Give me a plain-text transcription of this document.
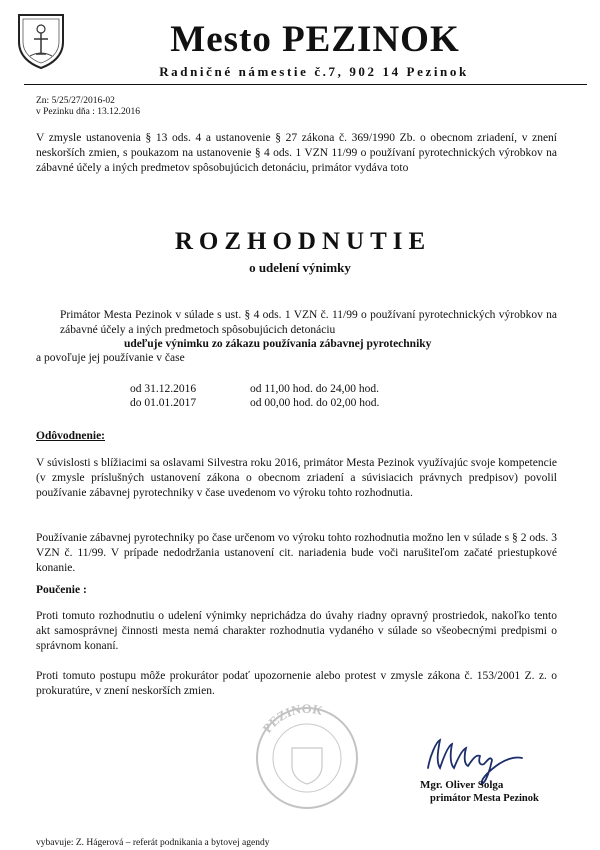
Mesto PEZINOK
Radničné námestie č.7, 902 14 Pezinok
Zn: 5/25/27/2016-02
v Pezinku dňa : 13.12.2016
V zmysle ustanovenia § 13 ods. 4 a ustanovenie § 27 zákona č. 369/1990 Zb. o obecnom zriadení, v znení neskorších zmien, s poukazom na ustanovenie § 4 ods. 1 VZN 11/99 o používaní pyrotechnických výrobkov na zábavné účely a iných predmetov spôsobujúcich detonáciu, primátor vydáva toto
ROZHODNUTIE
o udelení výnimky
Primátor Mesta Pezinok v súlade s ust. § 4 ods. 1 VZN č. 11/99 o používaní pyrotechnických výrobkov na zábavné účely a iných predmetoch spôsobujúcich detonáciu
udeľuje výnimku zo zákazu používania zábavnej pyrotechniky
a povoľuje jej používanie v čase
od 31.12.2016	od 11,00 hod. do 24,00 hod.
do 01.01.2017	od 00,00 hod. do 02,00 hod.
Odôvodnenie:
V súvislosti s blížiacimi sa oslavami Silvestra roku 2016, primátor Mesta Pezinok využívajúc svoje kompetencie (v zmysle príslušných ustanovení zákona o obecnom zriadení a súvisiacich právnych predpisov) povolil používanie zábavnej pyrotechniky v čase uvedenom vo výroku tohto rozhodnutia.
Používanie zábavnej pyrotechniky po čase určenom vo výroku tohto rozhodnutia možno len v súlade s § 2 ods. 3 VZN č. 11/99. V prípade nedodržania ustanovení cit. nariadenia bude voči narušiteľom začaté priestupkové konanie.
Poučenie :
Proti tomuto rozhodnutiu o udelení výnimky neprichádza do úvahy riadny opravný prostriedok, nakoľko tento akt samosprávnej činnosti mesta nemá charakter rozhodnutia vydaného v súlade so všeobecnými predpismi o správnom konaní.
Proti tomuto postupu môže prokurátor podať upozornenie alebo protest v zmysle zákona č. 153/2001 Z. z. o prokuratúre, v znení neskorších zmien.
PEZINOK
Mgr. Oliver Solga
primátor Mesta Pezinok
vybavuje: Z. Hágerová – referát podnikania a bytovej agendy
